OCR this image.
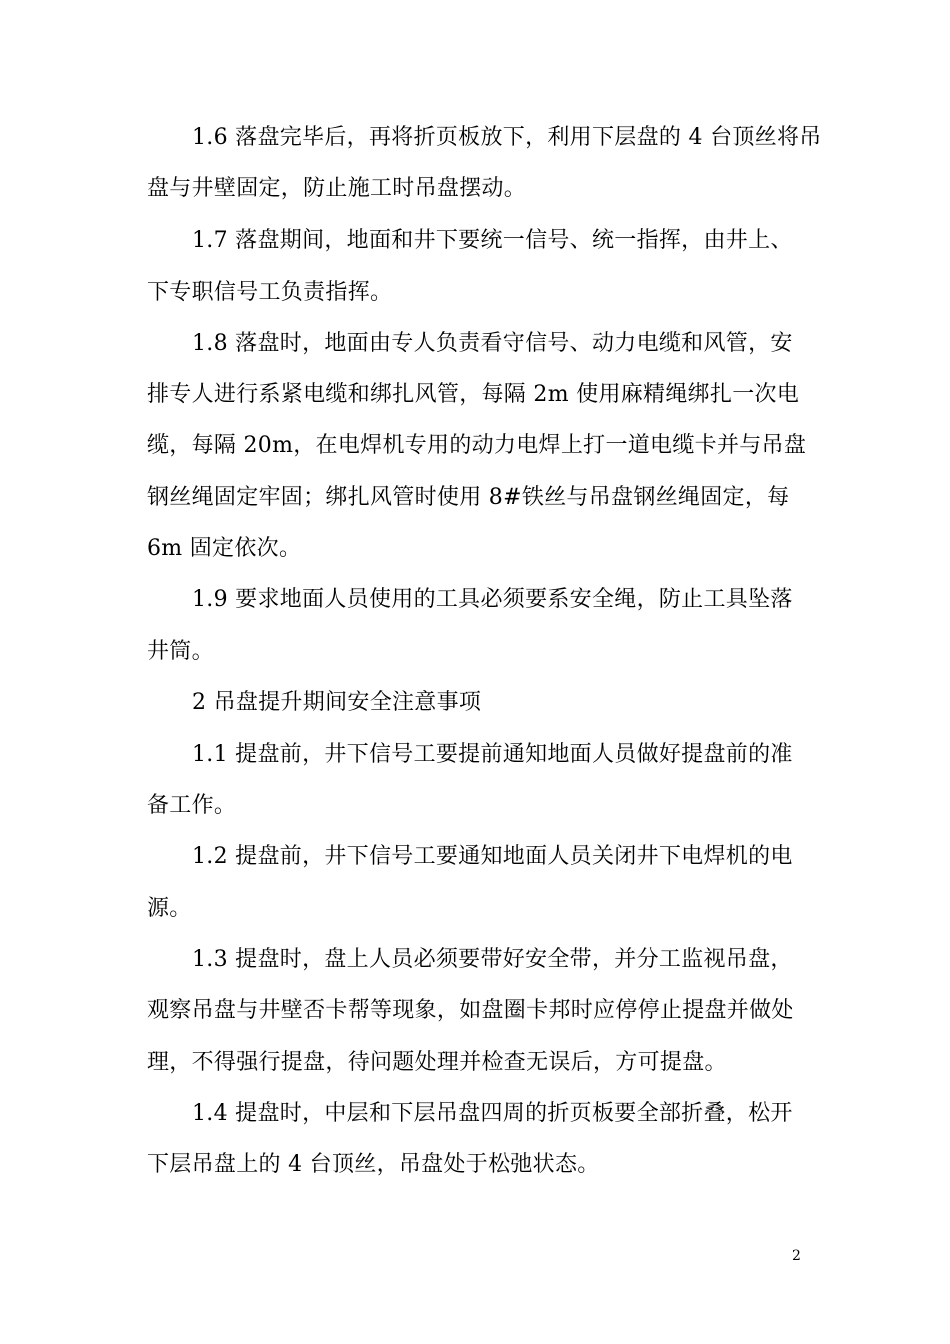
1.6 落盘完毕后，再将折页板放下，利用下层盘的 4 台顶丝将吊
盘与井壁固定，防止施工时吊盘摆动。
1.7 落盘期间，地面和井下要统一信号、统一指挥，由井上、
下专职信号工负责指挥。
1.8 落盘时，地面由专人负责看守信号、动力电缆和风管，安
排专人进行系紧电缆和绑扎风管，每隔 2m 使用麻精绳绑扎一次电
缆，每隔 20m，在电焊机专用的动力电焊上打一道电缆卡并与吊盘
钢丝绳固定牢固；绑扎风管时使用 8#铁丝与吊盘钢丝绳固定，每
6m 固定依次。
1.9 要求地面人员使用的工具必须要系安全绳，防止工具坠落
井筒。
2 吊盘提升期间安全注意事项
1.1 提盘前，井下信号工要提前通知地面人员做好提盘前的准
备工作。
1.2 提盘前，井下信号工要通知地面人员关闭井下电焊机的电
源。
1.3 提盘时，盘上人员必须要带好安全带，并分工监视吊盘，
观察吊盘与井壁否卡帮等现象，如盘圈卡邦时应停停止提盘并做处
理，不得强行提盘，待问题处理并检查无误后，方可提盘。
1.4 提盘时，中层和下层吊盘四周的折页板要全部折叠，松开
下层吊盘上的 4 台顶丝，吊盘处于松弛状态。
2
